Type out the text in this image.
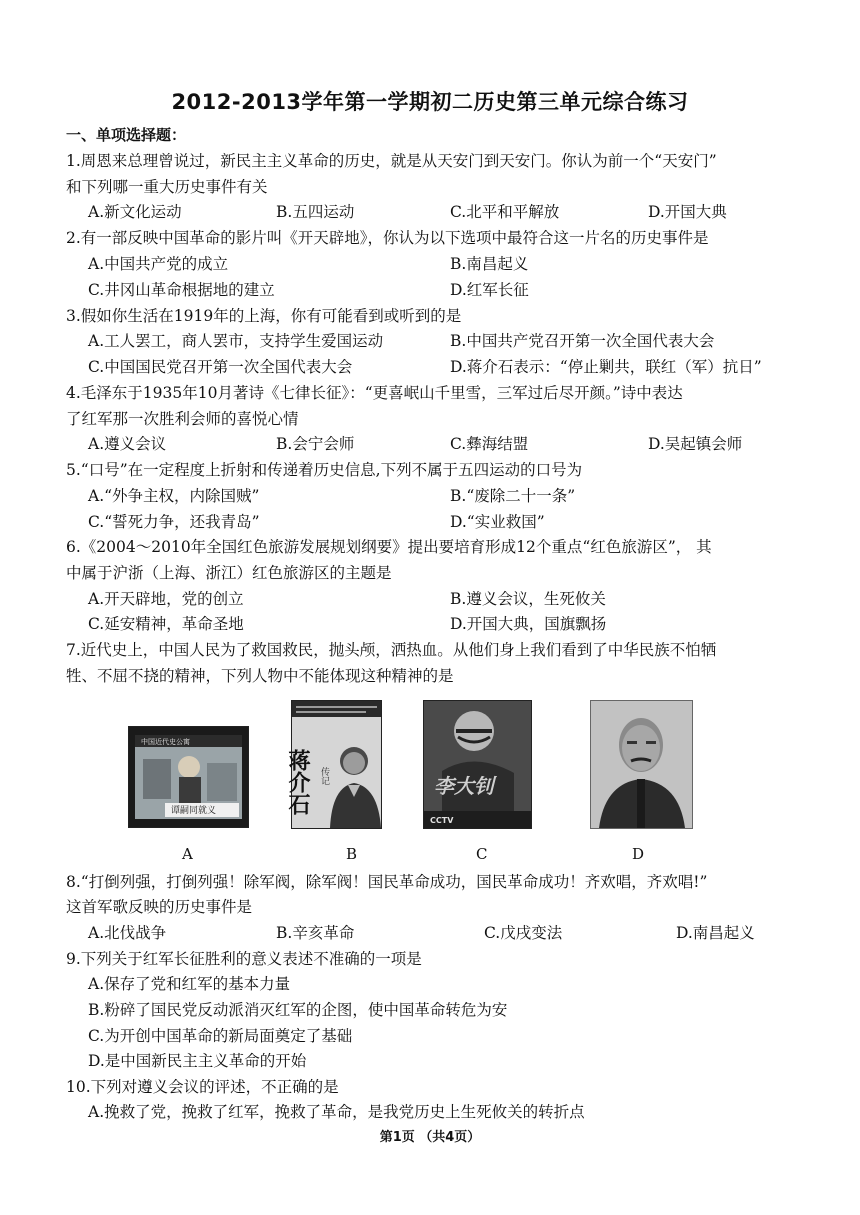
2012-2013学年第一学期初二历史第三单元综合练习
一、单项选择题：
1.周恩来总理曾说过，新民主主义革命的历史，就是从天安门到天安门。你认为前一个“天安门”
和下列哪一重大历史事件有关
A.新文化运动	B.五四运动	C.北平和平解放	D.开国大典
2.有一部反映中国革命的影片叫《开天辟地》，你认为以下选项中最符合这一片名的历史事件是
A.中国共产党的成立	B.南昌起义
C.井冈山革命根据地的建立	D.红军长征
3.假如你生活在1919年的上海，你有可能看到或听到的是
A.工人罢工，商人罢市，支持学生爱国运动	B.中国共产党召开第一次全国代表大会
C.中国国民党召开第一次全国代表大会	D.蒋介石表示：“停止剿共，联红（军）抗日”
4.毛泽东于1935年10月著诗《七律长征》：“更喜岷山千里雪，三军过后尽开颜。”诗中表达
了红军那一次胜利会师的喜悦心情
A.遵义会议	B.会宁会师	C.彝海结盟	D.吴起镇会师
5.“口号”在一定程度上折射和传递着历史信息,下列不属于五四运动的口号为
A.“外争主权，内除国贼”	B.“废除二十一条”
C.“誓死力争，还我青岛”	D.“实业救国”
6.《2004～2010年全国红色旅游发展规划纲要》提出要培育形成12个重点“红色旅游区”， 其
中属于沪浙（上海、浙江）红色旅游区的主题是
A.开天辟地，党的创立	B.遵义会议，生死攸关
C.延安精神，革命圣地	D.开国大典，国旗飘扬
7.近代史上，中国人民为了救国救民，抛头颅，洒热血。从他们身上我们看到了中华民族不怕牺
牲、不屈不挠的精神，下列人物中不能体现这种精神的是
中国近代史公寓
谭嗣同就义	蒋介石 传记	李大钊
CCTV
A	B	C	D
8.“打倒列强，打倒列强！除军阀，除军阀！国民革命成功，国民革命成功！齐欢唱，齐欢唱!”
这首军歌反映的历史事件是
A.北伐战争	B.辛亥革命	C.戊戌变法	D.南昌起义
9.下列关于红军长征胜利的意义表述不准确的一项是
A.保存了党和红军的基本力量
B.粉碎了国民党反动派消灭红军的企图，使中国革命转危为安
C.为开创中国革命的新局面奠定了基础
D.是中国新民主主义革命的开始
10.下列对遵义会议的评述，不正确的是
A.挽救了党，挽救了红军，挽救了革命，是我党历史上生死攸关的转折点
第1页 （共4页）
